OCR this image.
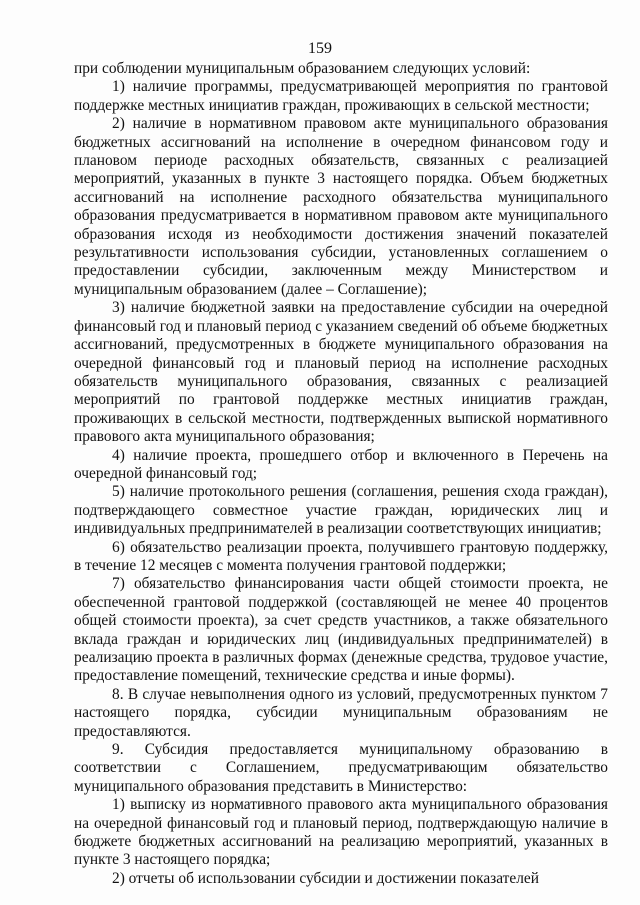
159

при соблюдении муниципальным образованием следующих условий:

1) наличие программы, предусматривающей мероприятия по грантовой поддержке местных инициатив граждан, проживающих в сельской местности;

2) наличие в нормативном правовом акте муниципального образования бюджетных ассигнований на исполнение в очередном финансовом году и плановом периоде расходных обязательств, связанных с реализацией мероприятий, указанных в пункте 3 настоящего порядка. Объем бюджетных ассигнований на исполнение расходного обязательства муниципального образования предусматривается в нормативном правовом акте муниципального образования исходя из необходимости достижения значений показателей результативности использования субсидии, установленных соглашением о предоставлении субсидии, заключенным между Министерством и муниципальным образованием (далее – Соглашение);

3) наличие бюджетной заявки на предоставление субсидии на очередной финансовый год и плановый период с указанием сведений об объеме бюджетных ассигнований, предусмотренных в бюджете муниципального образования на очередной финансовый год и плановый период на исполнение расходных обязательств муниципального образования, связанных с реализацией мероприятий по грантовой поддержке местных инициатив граждан, проживающих в сельской местности, подтвержденных выпиской нормативного правового акта муниципального образования;

4) наличие проекта, прошедшего отбор и включенного в Перечень на очередной финансовый год;

5) наличие протокольного решения (соглашения, решения схода граждан), подтверждающего совместное участие граждан, юридических лиц и индивидуальных предпринимателей в реализации соответствующих инициатив;

6) обязательство реализации проекта, получившего грантовую поддержку, в течение 12 месяцев с момента получения грантовой поддержки;

7) обязательство финансирования части общей стоимости проекта, не обеспеченной грантовой поддержкой (составляющей не менее 40 процентов общей стоимости проекта), за счет средств участников, а также обязательного вклада граждан и юридических лиц (индивидуальных предпринимателей) в реализацию проекта в различных формах (денежные средства, трудовое участие, предоставление помещений, технические средства и иные формы).

8. В случае невыполнения одного из условий, предусмотренных пунктом 7 настоящего порядка, субсидии муниципальным образованиям не предоставляются.

9. Субсидия предоставляется муниципальному образованию в соответствии с Соглашением, предусматривающим обязательство муниципального образования представить в Министерство:

1) выписку из нормативного правового акта муниципального образования на очередной финансовый год и плановый период, подтверждающую наличие в бюджете бюджетных ассигнований на реализацию мероприятий, указанных в пункте 3 настоящего порядка;

2) отчеты об использовании субсидии и достижении показателей
